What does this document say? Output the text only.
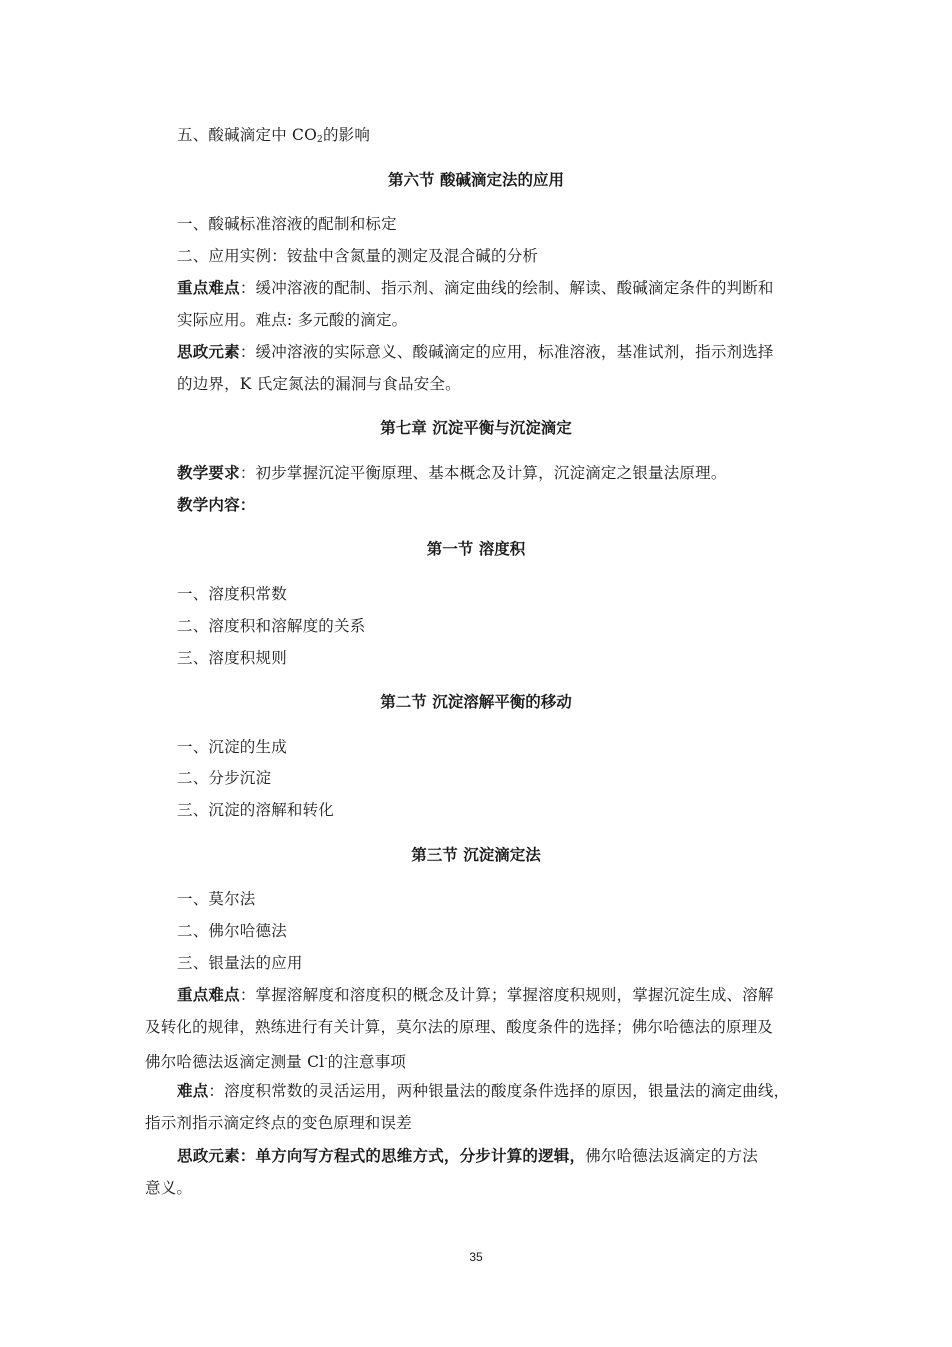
五、酸碱滴定中 $CO_2$的影响
第六节 酸碱滴定法的应用
一、酸碱标准溶液的配制和标定
二、应用实例：铵盐中含氮量的测定及混合碱的分析
重点难点：缓冲溶液的配制、指示剂、滴定曲线的绘制、解读、酸碱滴定条件的判断和
实际应用。难点: 多元酸的滴定。
思政元素：缓冲溶液的实际意义、酸碱滴定的应用，标准溶液，基准试剂，指示剂选择
的边界，K 氏定氮法的漏洞与食品安全。
第七章 沉淀平衡与沉淀滴定
教学要求：初步掌握沉淀平衡原理、基本概念及计算，沉淀滴定之银量法原理。
教学内容：
第一节 溶度积
一、溶度积常数
二、溶度积和溶解度的关系
三、溶度积规则
第二节 沉淀溶解平衡的移动
一、沉淀的生成
二、分步沉淀
三、沉淀的溶解和转化
第三节 沉淀滴定法
一、莫尔法
二、佛尔哈德法
三、银量法的应用
重点难点：掌握溶解度和溶度积的概念及计算；掌握溶度积规则，掌握沉淀生成、溶解
及转化的规律，熟练进行有关计算，莫尔法的原理、酸度条件的选择；佛尔哈德法的原理及
佛尔哈德法返滴定测量 Cl-的注意事项
难点：溶度积常数的灵活运用，两种银量法的酸度条件选择的原因，银量法的滴定曲线，
指示剂指示滴定终点的变色原理和误差
思政元素：单方向写方程式的思维方式，分步计算的逻辑，佛尔哈德法返滴定的方法
意义。
35
